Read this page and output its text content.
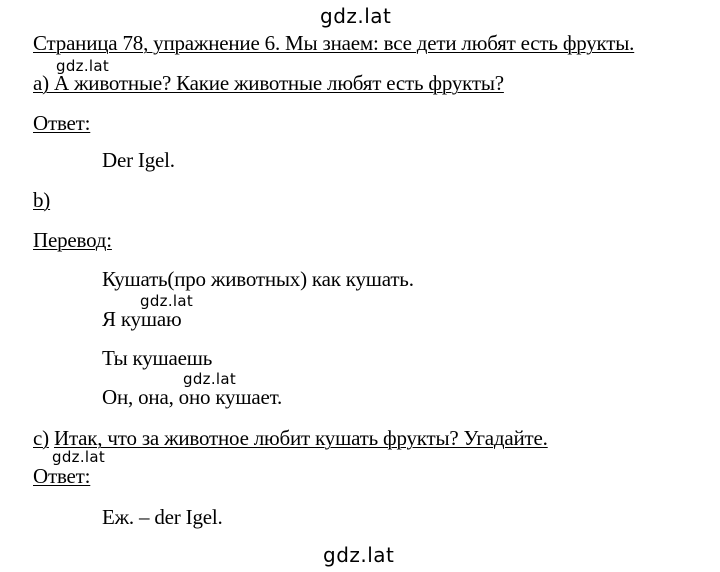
gdz.lat
gdz.lat
gdz.lat
gdz.lat
gdz.lat
gdz.lat
Страница 78, упражнение 6. Мы знаем: все дети любят есть фрукты.
а) А животные? Какие животные любят есть фрукты?
Ответ:
Der Igel.
b)
Перевод:
Кушать(про животных) как кушать.
Я кушаю
Ты кушаешь
Он, она, оно кушает.
с) Итак, что за животное любит кушать фрукты? Угадайте.
Ответ:
Еж. – der Igel.
